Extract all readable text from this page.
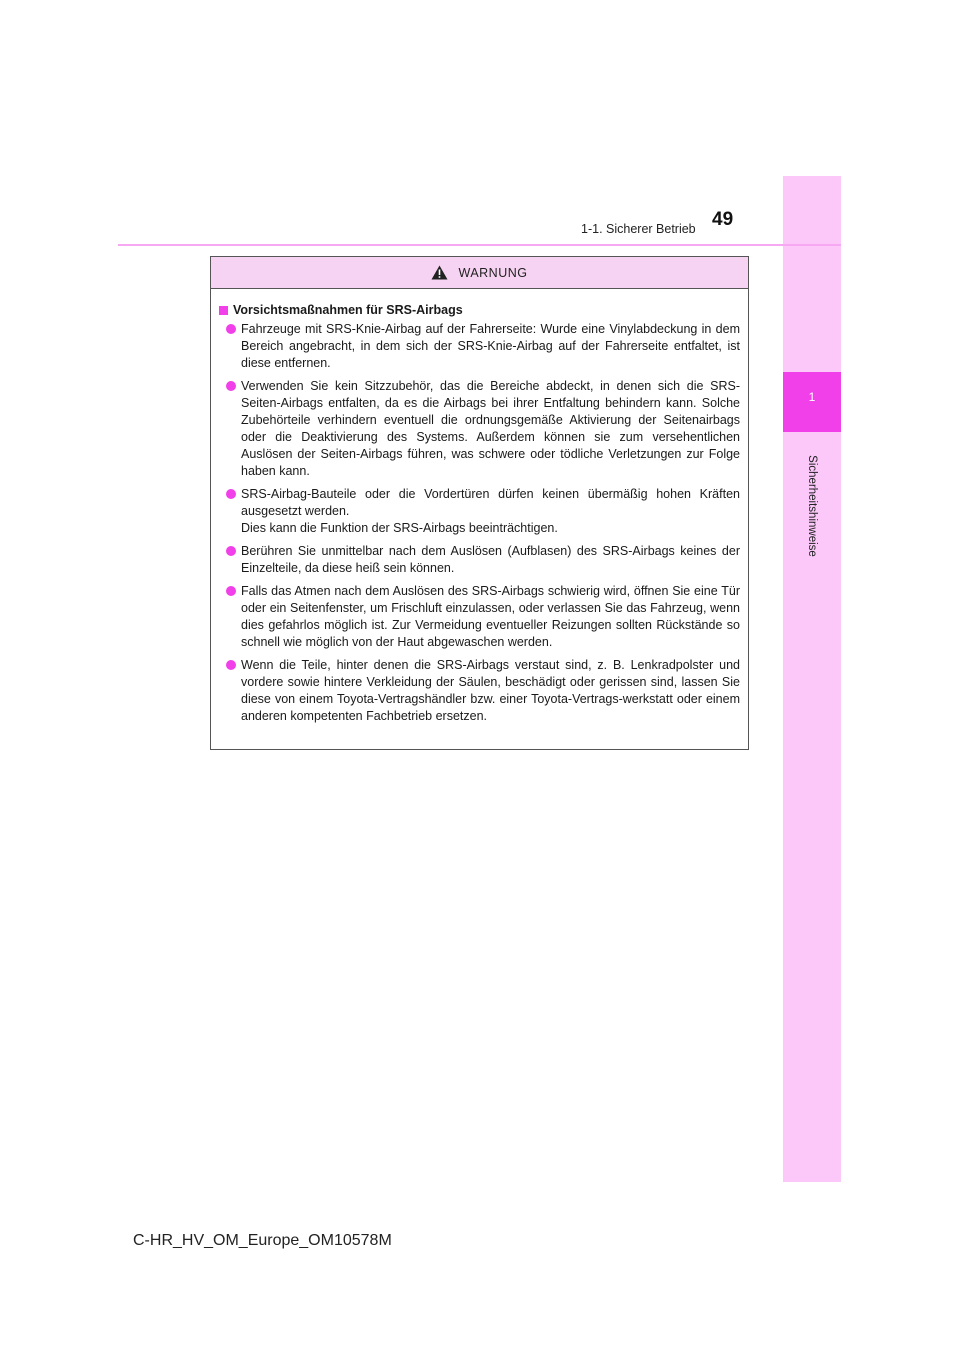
1
Sicherheitshinweise
49
1-1. Sicherer Betrieb
WARNUNG
Vorsichtsmaßnahmen für SRS-Airbags
Fahrzeuge mit SRS-Knie-Airbag auf der Fahrerseite: Wurde eine Vinylabdeckung in dem Bereich angebracht, in dem sich der SRS-Knie-Airbag auf der Fahrerseite entfaltet, ist diese entfernen.
Verwenden Sie kein Sitzzubehör, das die Bereiche abdeckt, in denen sich die SRS-Seiten-Airbags entfalten, da es die Airbags bei ihrer Entfaltung behindern kann. Solche Zubehörteile verhindern eventuell die ordnungsgemäße Aktivierung der Seitenairbags oder die Deaktivierung des Systems. Außerdem können sie zum versehentlichen Auslösen der Seiten-Airbags führen, was schwere oder tödliche Verletzungen zur Folge haben kann.
SRS-Airbag-Bauteile oder die Vordertüren dürfen keinen übermäßig hohen Kräften ausgesetzt werden.
Dies kann die Funktion der SRS-Airbags beeinträchtigen.
Berühren Sie unmittelbar nach dem Auslösen (Aufblasen) des SRS-Airbags keines der Einzelteile, da diese heiß sein können.
Falls das Atmen nach dem Auslösen des SRS-Airbags schwierig wird, öffnen Sie eine Tür oder ein Seitenfenster, um Frischluft einzulassen, oder verlassen Sie das Fahrzeug, wenn dies gefahrlos möglich ist. Zur Vermeidung eventueller Reizungen sollten Rückstände so schnell wie möglich von der Haut abgewaschen werden.
Wenn die Teile, hinter denen die SRS-Airbags verstaut sind, z. B. Lenkradpolster und vordere sowie hintere Verkleidung der Säulen, beschädigt oder gerissen sind, lassen Sie diese von einem Toyota-Vertragshändler bzw. einer Toyota-Vertrags-werkstatt oder einem anderen kompetenten Fachbetrieb ersetzen.
C-HR_HV_OM_Europe_OM10578M
